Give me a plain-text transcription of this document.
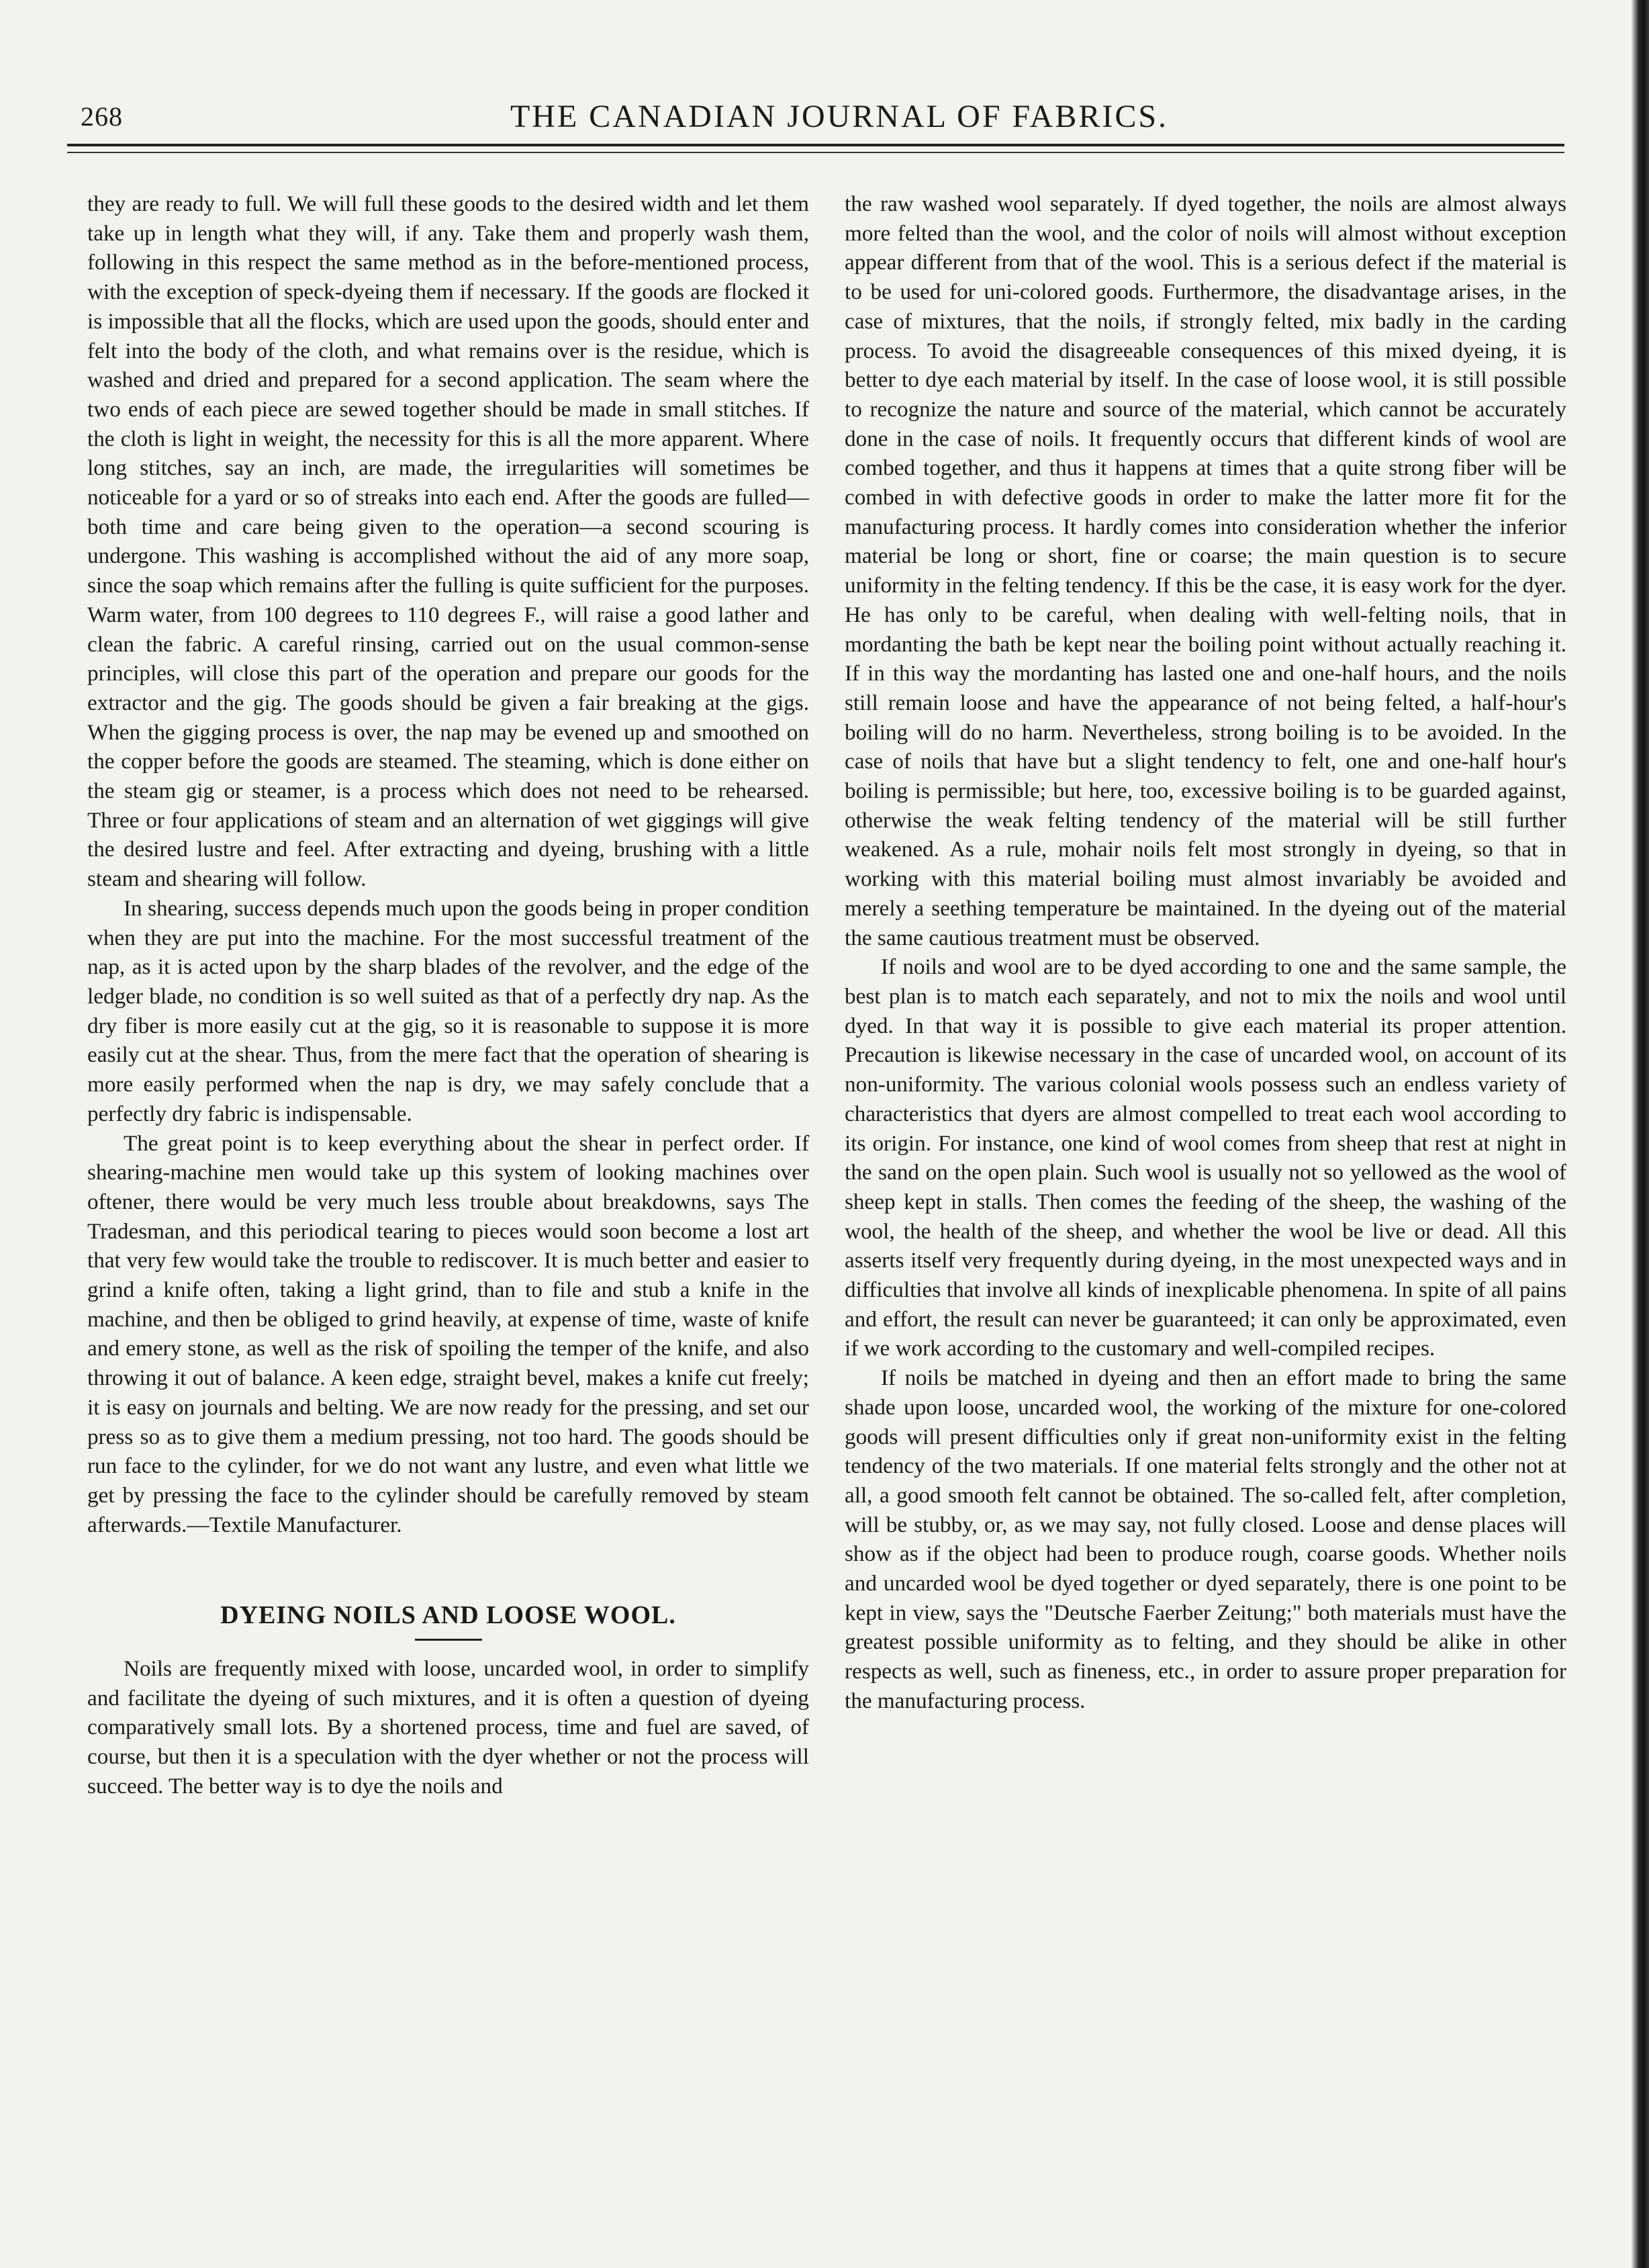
268	THE CANADIAN JOURNAL OF FABRICS.

they are ready to full. We will full these goods to the desired width and let them take up in length what they will, if any. Take them and properly wash them, following in this respect the same method as in the before-mentioned process, with the exception of speck-dyeing them if necessary. If the goods are flocked it is impossible that all the flocks, which are used upon the goods, should enter and felt into the body of the cloth, and what remains over is the residue, which is washed and dried and prepared for a second application. The seam where the two ends of each piece are sewed together should be made in small stitches. If the cloth is light in weight, the necessity for this is all the more apparent. Where long stitches, say an inch, are made, the irregularities will sometimes be noticeable for a yard or so of streaks into each end. After the goods are fulled—both time and care being given to the operation—a second scouring is undergone. This washing is accomplished without the aid of any more soap, since the soap which remains after the fulling is quite sufficient for the purposes. Warm water, from 100 degrees to 110 degrees F., will raise a good lather and clean the fabric. A careful rinsing, carried out on the usual common-sense principles, will close this part of the operation and prepare our goods for the extractor and the gig. The goods should be given a fair breaking at the gigs. When the gigging process is over, the nap may be evened up and smoothed on the copper before the goods are steamed. The steaming, which is done either on the steam gig or steamer, is a process which does not need to be rehearsed. Three or four applications of steam and an alternation of wet giggings will give the desired lustre and feel. After extracting and dyeing, brushing with a little steam and shearing will follow.

In shearing, success depends much upon the goods being in proper condition when they are put into the machine. For the most successful treatment of the nap, as it is acted upon by the sharp blades of the revolver, and the edge of the ledger blade, no condition is so well suited as that of a perfectly dry nap. As the dry fiber is more easily cut at the gig, so it is reasonable to suppose it is more easily cut at the shear. Thus, from the mere fact that the operation of shearing is more easily performed when the nap is dry, we may safely conclude that a perfectly dry fabric is indispensable.

The great point is to keep everything about the shear in perfect order. If shearing-machine men would take up this system of looking machines over oftener, there would be very much less trouble about breakdowns, says The Tradesman, and this periodical tearing to pieces would soon become a lost art that very few would take the trouble to rediscover. It is much better and easier to grind a knife often, taking a light grind, than to file and stub a knife in the machine, and then be obliged to grind heavily, at expense of time, waste of knife and emery stone, as well as the risk of spoiling the temper of the knife, and also throwing it out of balance. A keen edge, straight bevel, makes a knife cut freely; it is easy on journals and belting. We are now ready for the pressing, and set our press so as to give them a medium pressing, not too hard. The goods should be run face to the cylinder, for we do not want any lustre, and even what little we get by pressing the face to the cylinder should be carefully removed by steam afterwards.—Textile Manufacturer.

DYEING NOILS AND LOOSE WOOL.

Noils are frequently mixed with loose, uncarded wool, in order to simplify and facilitate the dyeing of such mixtures, and it is often a question of dyeing comparatively small lots. By a shortened process, time and fuel are saved, of course, but then it is a speculation with the dyer whether or not the process will succeed. The better way is to dye the noils and

the raw washed wool separately. If dyed together, the noils are almost always more felted than the wool, and the color of noils will almost without exception appear different from that of the wool. This is a serious defect if the material is to be used for uni-colored goods. Furthermore, the disadvantage arises, in the case of mixtures, that the noils, if strongly felted, mix badly in the carding process. To avoid the disagreeable consequences of this mixed dyeing, it is better to dye each material by itself. In the case of loose wool, it is still possible to recognize the nature and source of the material, which cannot be accurately done in the case of noils. It frequently occurs that different kinds of wool are combed together, and thus it happens at times that a quite strong fiber will be combed in with defective goods in order to make the latter more fit for the manufacturing process. It hardly comes into consideration whether the inferior material be long or short, fine or coarse; the main question is to secure uniformity in the felting tendency. If this be the case, it is easy work for the dyer. He has only to be careful, when dealing with well-felting noils, that in mordanting the bath be kept near the boiling point without actually reaching it. If in this way the mordanting has lasted one and one-half hours, and the noils still remain loose and have the appearance of not being felted, a half-hour's boiling will do no harm. Nevertheless, strong boiling is to be avoided. In the case of noils that have but a slight tendency to felt, one and one-half hour's boiling is permissible; but here, too, excessive boiling is to be guarded against, otherwise the weak felting tendency of the material will be still further weakened. As a rule, mohair noils felt most strongly in dyeing, so that in working with this material boiling must almost invariably be avoided and merely a seething temperature be maintained. In the dyeing out of the material the same cautious treatment must be observed.

If noils and wool are to be dyed according to one and the same sample, the best plan is to match each separately, and not to mix the noils and wool until dyed. In that way it is possible to give each material its proper attention. Precaution is likewise necessary in the case of uncarded wool, on account of its non-uniformity. The various colonial wools possess such an endless variety of characteristics that dyers are almost compelled to treat each wool according to its origin. For instance, one kind of wool comes from sheep that rest at night in the sand on the open plain. Such wool is usually not so yellowed as the wool of sheep kept in stalls. Then comes the feeding of the sheep, the washing of the wool, the health of the sheep, and whether the wool be live or dead. All this asserts itself very frequently during dyeing, in the most unexpected ways and in difficulties that involve all kinds of inexplicable phenomena. In spite of all pains and effort, the result can never be guaranteed; it can only be approximated, even if we work according to the customary and well-compiled recipes.

If noils be matched in dyeing and then an effort made to bring the same shade upon loose, uncarded wool, the working of the mixture for one-colored goods will present difficulties only if great non-uniformity exist in the felting tendency of the two materials. If one material felts strongly and the other not at all, a good smooth felt cannot be obtained. The so-called felt, after completion, will be stubby, or, as we may say, not fully closed. Loose and dense places will show as if the object had been to produce rough, coarse goods. Whether noils and uncarded wool be dyed together or dyed separately, there is one point to be kept in view, says the "Deutsche Faerber Zeitung;" both materials must have the greatest possible uniformity as to felting, and they should be alike in other respects as well, such as fineness, etc., in order to assure proper preparation for the manufacturing process.
